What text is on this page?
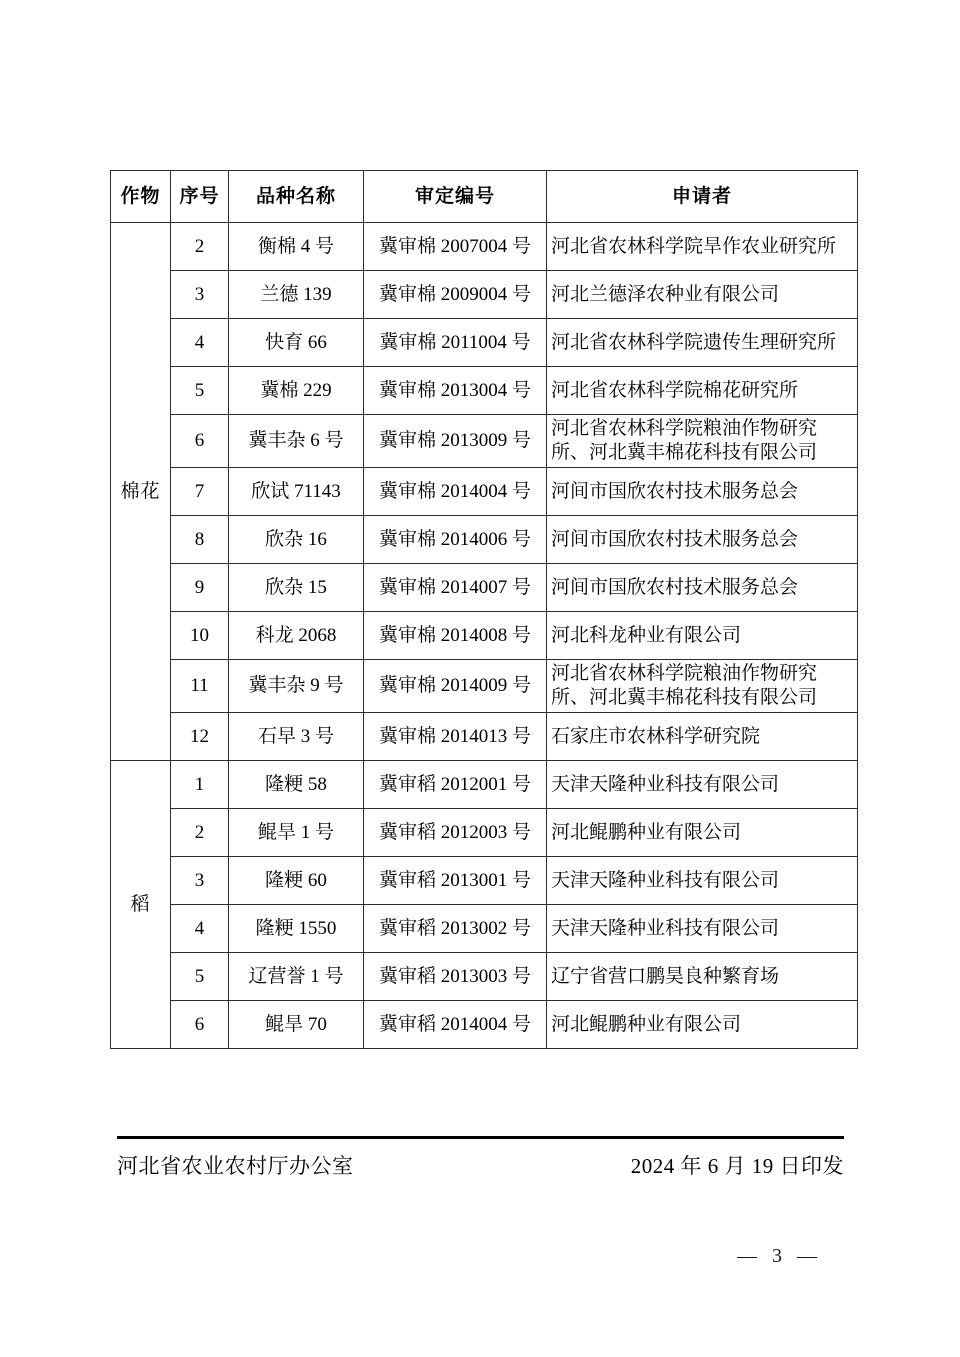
作物	序号	品种名称	审定编号	申请者
棉花	2	衡棉 4 号	冀审棉 2007004 号	河北省农林科学院旱作农业研究所
	3	兰德 139	冀审棉 2009004 号	河北兰德泽农种业有限公司
	4	快育 66	冀审棉 2011004 号	河北省农林科学院遗传生理研究所
	5	冀棉 229	冀审棉 2013004 号	河北省农林科学院棉花研究所
	6	冀丰杂 6 号	冀审棉 2013009 号	河北省农林科学院粮油作物研究所、河北冀丰棉花科技有限公司
	7	欣试 71143	冀审棉 2014004 号	河间市国欣农村技术服务总会
	8	欣杂 16	冀审棉 2014006 号	河间市国欣农村技术服务总会
	9	欣杂 15	冀审棉 2014007 号	河间市国欣农村技术服务总会
	10	科龙 2068	冀审棉 2014008 号	河北科龙种业有限公司
	11	冀丰杂 9 号	冀审棉 2014009 号	河北省农林科学院粮油作物研究所、河北冀丰棉花科技有限公司
	12	石早 3 号	冀审棉 2014013 号	石家庄市农林科学研究院
稻	1	隆粳 58	冀审稻 2012001 号	天津天隆种业科技有限公司
	2	鲲旱 1 号	冀审稻 2012003 号	河北鲲鹏种业有限公司
	3	隆粳 60	冀审稻 2013001 号	天津天隆种业科技有限公司
	4	隆粳 1550	冀审稻 2013002 号	天津天隆种业科技有限公司
	5	辽营誉 1 号	冀审稻 2013003 号	辽宁省营口鹏昊良种繁育场
	6	鲲旱 70	冀审稻 2014004 号	河北鲲鹏种业有限公司
河北省农业农村厅办公室	2024 年 6 月 19 日印发
— 3 —
